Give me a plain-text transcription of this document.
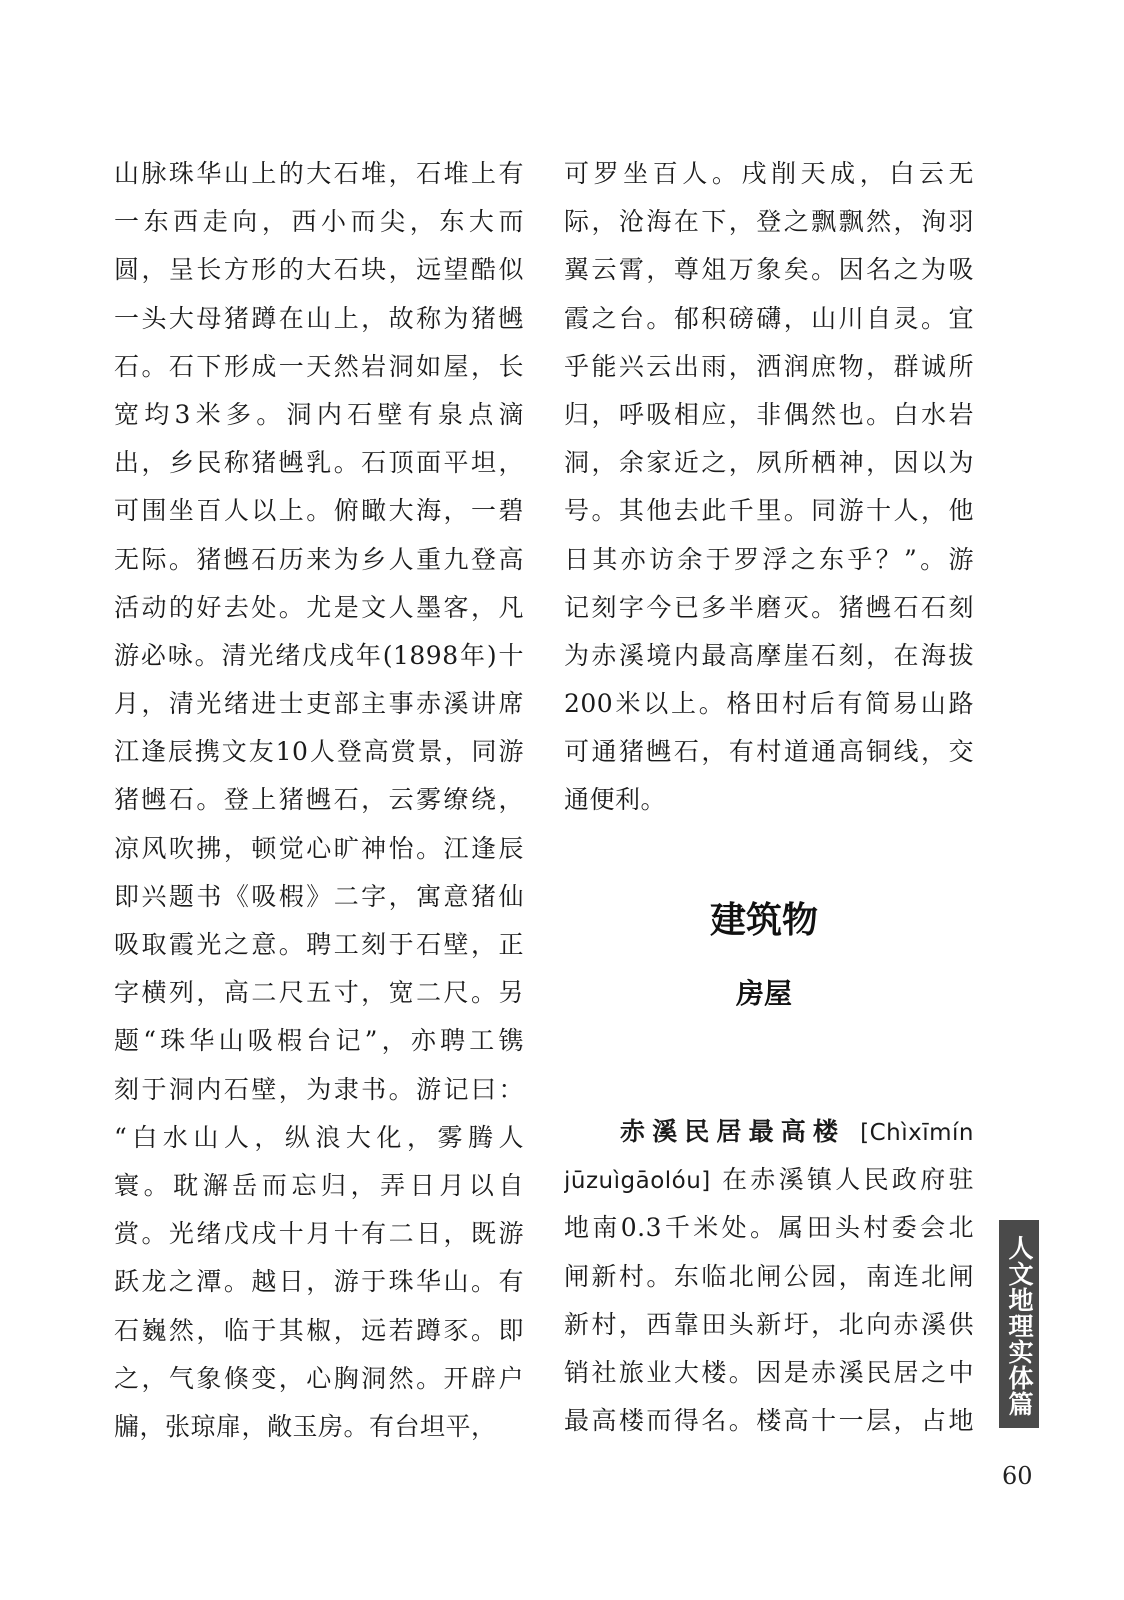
山脉珠华山上的大石堆，石堆上有
一东西走向，西小而尖，东大而
圆，呈长方形的大石块，远望酷似
一头大母猪蹲在山上，故称为猪乸
石。石下形成一天然岩洞如屋，长
宽均3米多。洞内石壁有泉点滴
出，乡民称猪乸乳。石顶面平坦，
可围坐百人以上。俯瞰大海，一碧
无际。猪乸石历来为乡人重九登高
活动的好去处。尤是文人墨客，凡
游必咏。清光绪戊戌年(1898年)十
月，清光绪进士吏部主事赤溪讲席
江逢辰携文友10人登高赏景，同游
猪乸石。登上猪乸石，云雾缭绕，
凉风吹拂，顿觉心旷神怡。江逢辰
即兴题书《吸椵》二字，寓意猪仙
吸取霞光之意。聘工刻于石壁，正
字横列，高二尺五寸，宽二尺。另
题“珠华山吸椵台记”，亦聘工镌
刻于洞内石壁，为隶书。游记曰：
“白水山人，纵浪大化，雾腾人
寰。耽澥岳而忘归，弄日月以自
赏。光绪戊戌十月十有二日，既游
跃龙之潭。越日，游于珠华山。有
石巍然，临于其椒，远若蹲豕。即
之，气象倏变，心胸洞然。开辟户
牖，张琼扉，敞玉房。有台坦平，
可罗坐百人。戌削天成，白云无
际，沧海在下，登之飘飘然，洵羽
翼云霄，尊俎万象矣。因名之为吸
霞之台。郁积磅礴，山川自灵。宜
乎能兴云出雨，洒润庶物，群诚所
归，呼吸相应，非偶然也。白水岩
洞，余家近之，夙所栖神，因以为
号。其他去此千里。同游十人，他
日其亦访余于罗浮之东乎？”。游
记刻字今已多半磨灭。猪乸石石刻
为赤溪境内最高摩崖石刻，在海拔
200米以上。格田村后有简易山路
可通猪乸石，有村道通高铜线，交
通便利。
建筑物
房屋
赤溪民居最高楼 [Chìxīmín
jūzuìgāolóu] 在赤溪镇人民政府驻
地南0.3千米处。属田头村委会北
闸新村。东临北闸公园，南连北闸
新村，西靠田头新圩，北向赤溪供
销社旅业大楼。因是赤溪民居之中
最高楼而得名。楼高十一层，占地
人文地理实体篇
60
